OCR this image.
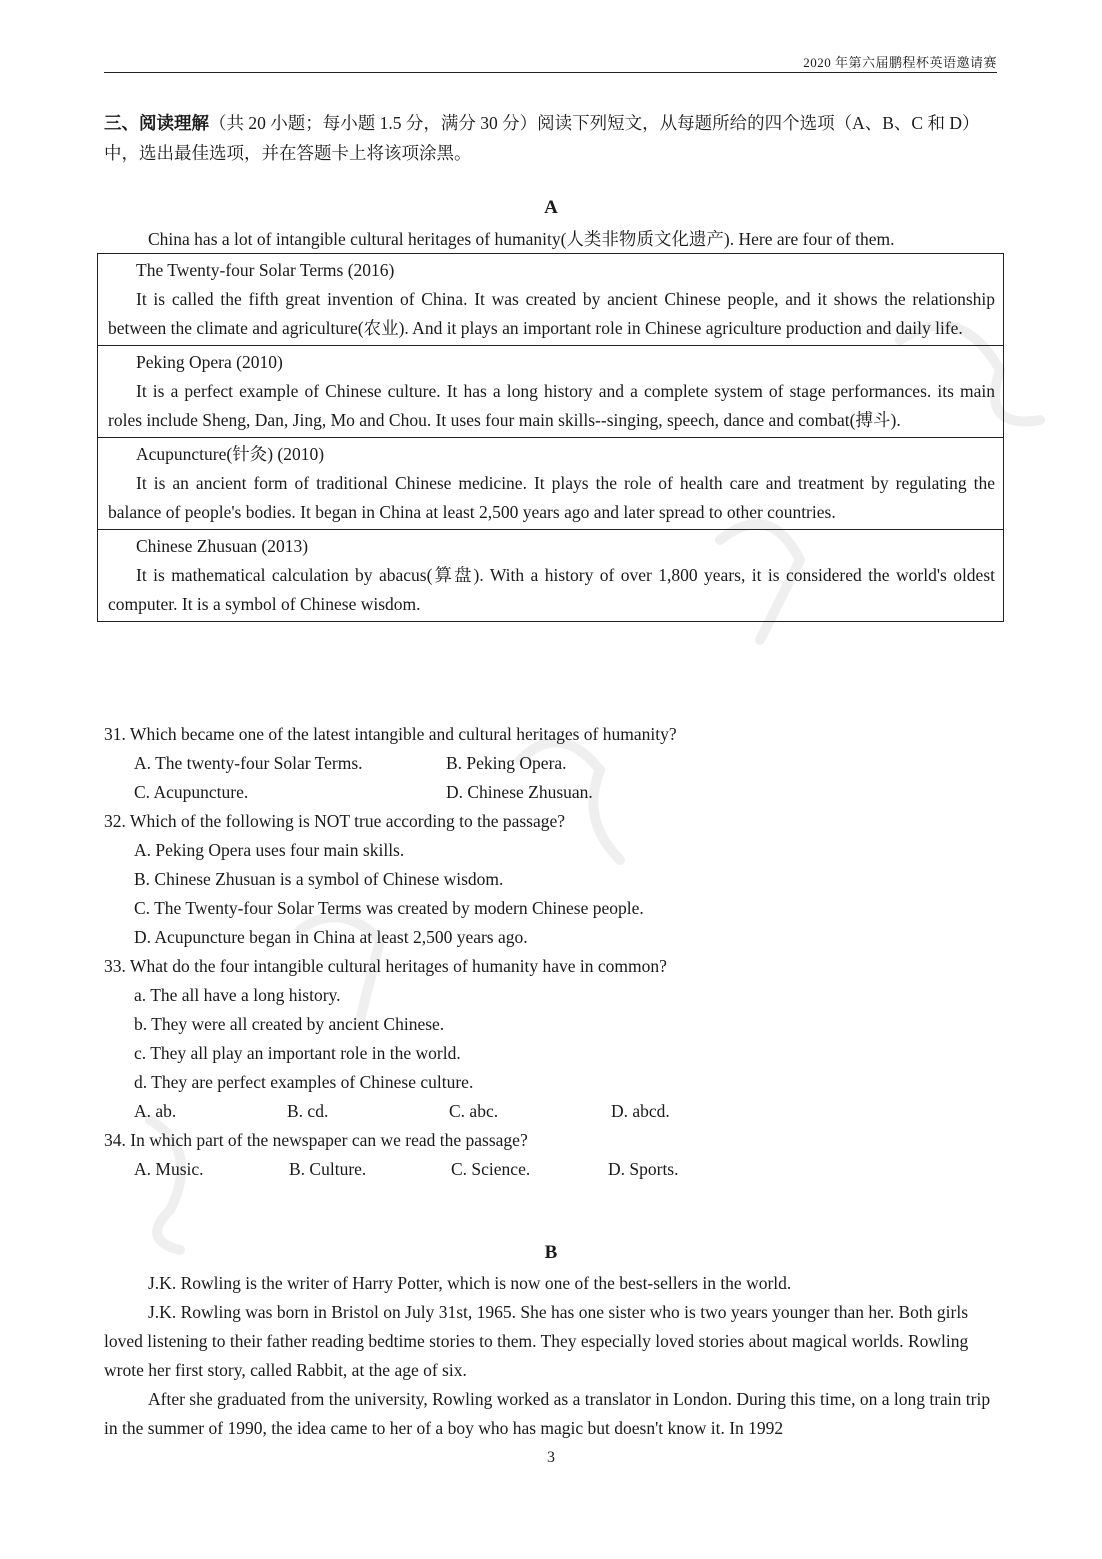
2020 年第六届鹏程杯英语邀请赛
三、阅读理解（共 20 小题；每小题 1.5 分，满分 30 分）阅读下列短文，从每题所给的四个选项（A、B、C 和 D）中，选出最佳选项，并在答题卡上将该项涂黑。
A
China has a lot of intangible cultural heritages of humanity(人类非物质文化遗产). Here are four of them.
The Twenty-four Solar Terms (2016)
It is called the fifth great invention of China. It was created by ancient Chinese people, and it shows the relationship between the climate and agriculture(农业). And it plays an important role in Chinese agriculture production and daily life.
Peking Opera (2010)
It is a perfect example of Chinese culture. It has a long history and a complete system of stage performances. its main roles include Sheng, Dan, Jing, Mo and Chou. It uses four main skills--singing, speech, dance and combat(搏斗).
Acupuncture(针灸) (2010)
It is an ancient form of traditional Chinese medicine. It plays the role of health care and treatment by regulating the balance of people's bodies. It began in China at least 2,500 years ago and later spread to other countries.
Chinese Zhusuan (2013)
It is mathematical calculation by abacus(算盘). With a history of over 1,800 years, it is considered the world's oldest computer. It is a symbol of Chinese wisdom.
31. Which became one of the latest intangible and cultural heritages of humanity?
A. The twenty-four Solar Terms.	B. Peking Opera.
C. Acupuncture.	D. Chinese Zhusuan.
32. Which of the following is NOT true according to the passage?
A. Peking Opera uses four main skills.
B. Chinese Zhusuan is a symbol of Chinese wisdom.
C. The Twenty-four Solar Terms was created by modern Chinese people.
D. Acupuncture began in China at least 2,500 years ago.
33. What do the four intangible cultural heritages of humanity have in common?
a. The all have a long history.
b. They were all created by ancient Chinese.
c. They all play an important role in the world.
d. They are perfect examples of Chinese culture.
A. ab.	B. cd.	C. abc.	D. abcd.
34. In which part of the newspaper can we read the passage?
A. Music.	B. Culture.	C. Science.	D. Sports.
B

J.K. Rowling is the writer of Harry Potter, which is now one of the best-sellers in the world.

J.K. Rowling was born in Bristol on July 31st, 1965. She has one sister who is two years younger than her. Both girls loved listening to their father reading bedtime stories to them. They especially loved stories about magical worlds. Rowling wrote her first story, called Rabbit, at the age of six.

After she graduated from the university, Rowling worked as a translator in London. During this time, on a long train trip in the summer of 1990, the idea came to her of a boy who has magic but doesn't know it. In 1992

3
